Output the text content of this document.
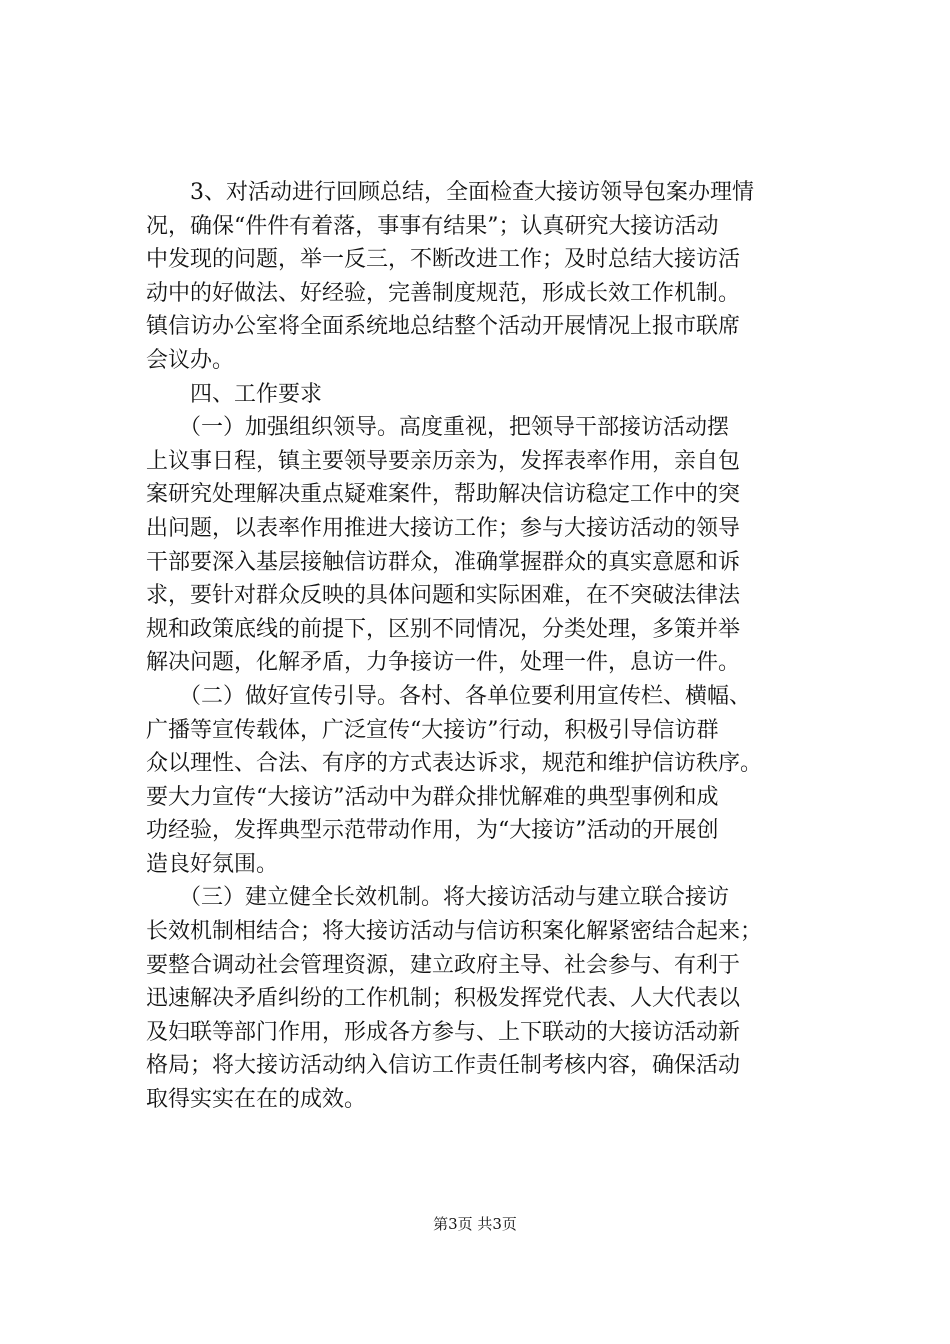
　　3、对活动进行回顾总结，全面检查大接访领导包案办理情
况，确保“件件有着落，事事有结果”；认真研究大接访活动
中发现的问题，举一反三，不断改进工作；及时总结大接访活
动中的好做法、好经验，完善制度规范，形成长效工作机制。
镇信访办公室将全面系统地总结整个活动开展情况上报市联席
会议办。
　　四、工作要求
　　（一）加强组织领导。高度重视，把领导干部接访活动摆
上议事日程，镇主要领导要亲历亲为，发挥表率作用，亲自包
案研究处理解决重点疑难案件，帮助解决信访稳定工作中的突
出问题，以表率作用推进大接访工作；参与大接访活动的领导
干部要深入基层接触信访群众，准确掌握群众的真实意愿和诉
求，要针对群众反映的具体问题和实际困难，在不突破法律法
规和政策底线的前提下，区别不同情况，分类处理，多策并举
解决问题，化解矛盾，力争接访一件，处理一件，息访一件。
　　（二）做好宣传引导。各村、各单位要利用宣传栏、横幅、
广播等宣传载体，广泛宣传“大接访”行动，积极引导信访群
众以理性、合法、有序的方式表达诉求，规范和维护信访秩序。
要大力宣传“大接访”活动中为群众排忧解难的典型事例和成
功经验，发挥典型示范带动作用，为“大接访”活动的开展创
造良好氛围。
　　（三）建立健全长效机制。将大接访活动与建立联合接访
长效机制相结合；将大接访活动与信访积案化解紧密结合起来；
要整合调动社会管理资源，建立政府主导、社会参与、有利于
迅速解决矛盾纠纷的工作机制；积极发挥党代表、人大代表以
及妇联等部门作用，形成各方参与、上下联动的大接访活动新
格局；将大接访活动纳入信访工作责任制考核内容，确保活动
取得实实在在的成效。
第3页 共3页
